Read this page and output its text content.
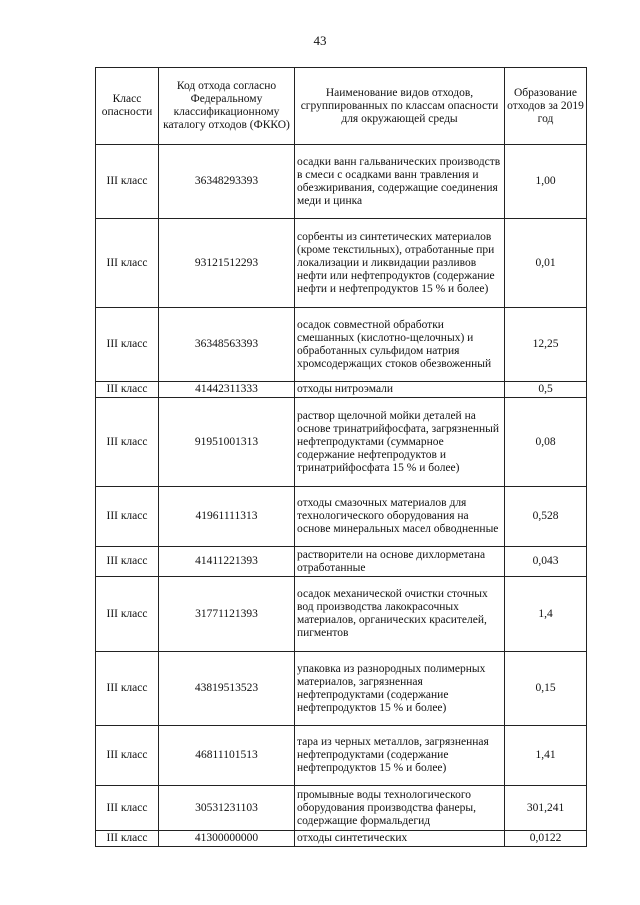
43
Класс опасности	Код отхода согласно Федеральному классификационному каталогу отходов (ФККО)	Наименование видов отходов, сгруппированных по классам опасности для окружающей среды	Образование отходов за 2019 год
III класс	36348293393	осадки ванн гальванических производств в смеси с осадками ванн травления и обезжиривания, содержащие соединения меди и цинка	1,00
III класс	93121512293	сорбенты из синтетических материалов (кроме текстильных), отработанные при локализации и ликвидации разливов нефти или нефтепродуктов (содержание нефти и нефтепродуктов 15 % и более)	0,01
III класс	36348563393	осадок совместной обработки смешанных (кислотно-щелочных) и обработанных сульфидом натрия хромсодержащих стоков обезвоженный	12,25
III класс	41442311333	отходы нитроэмали	0,5
III класс	91951001313	раствор щелочной мойки деталей на основе тринатрийфосфата, загрязненный нефтепродуктами (суммарное содержание нефтепродуктов и тринатрийфосфата 15 % и более)	0,08
III класс	41961111313	отходы смазочных материалов для технологического оборудования на основе минеральных масел обводненные	0,528
III класс	41411221393	растворители на основе дихлорметана отработанные	0,043
III класс	31771121393	осадок механической очистки сточных вод производства лакокрасочных материалов, органических красителей, пигментов	1,4
III класс	43819513523	упаковка из разнородных полимерных материалов, загрязненная нефтепродуктами (содержание нефтепродуктов 15 % и более)	0,15
III класс	46811101513	тара из черных металлов, загрязненная нефтепродуктами (содержание нефтепродуктов 15 % и более)	1,41
III класс	30531231103	промывные воды технологического оборудования производства фанеры, содержащие формальдегид	301,241
III класс	41300000000	отходы синтетических	0,0122
